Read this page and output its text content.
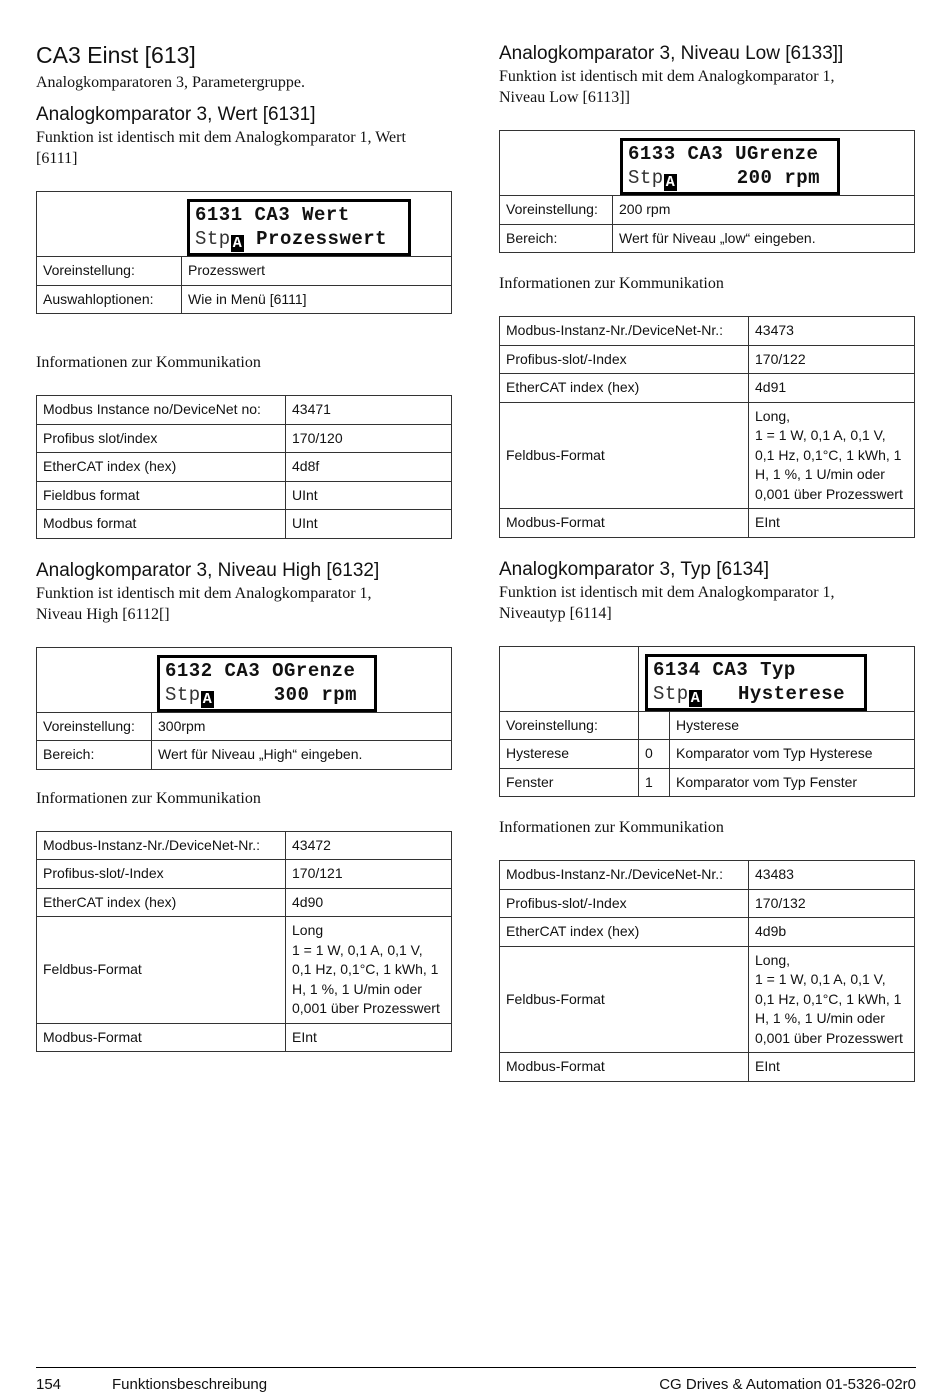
CA3 Einst [613]

Analogkomparatoren 3, Parametergruppe.

Analogkomparator 3, Wert [6131]

Funktion ist identisch mit dem Analogkomparator 1, Wert [6111]

6131 CA3 Wert
Stp A Prozesswert	

Voreinstellung:	Prozesswert
Auswahloptionen:	Wie in Menü [6111]

Informationen zur Kommunikation

Modbus Instance no/DeviceNet no:	43471
Profibus slot/index	170/120
EtherCAT index (hex)	4d8f
Fieldbus format	UInt
Modbus format	UInt
Analogkomparator 3, Niveau High [6132]

Funktion ist identisch mit dem Analogkomparator 1, Niveau High [6112[]

6132 CA3 OGrenze
Stp A     300 rpm	

Voreinstellung:	300rpm
Bereich:	Wert für Niveau „High“ eingeben.

Informationen zur Kommunikation

Modbus-Instanz-Nr./DeviceNet-Nr.:	43472
Profibus-slot/-Index	170/121
EtherCAT index (hex)	4d90
Feldbus-Format	Long
1 = 1 W, 0,1 A, 0,1 V, 0,1 Hz, 0,1°C, 1 kWh, 1 H, 1 %, 1 U/min oder 0,001 über Prozesswert
Modbus-Format	EInt
Analogkomparator 3, Niveau Low [6133]]

Funktion ist identisch mit dem Analogkomparator 1, Niveau Low [6113]]

6133 CA3 UGrenze
Stp A     200 rpm	

Voreinstellung:	200 rpm
Bereich:	Wert für Niveau „low“ eingeben.

Informationen zur Kommunikation

Modbus-Instanz-Nr./DeviceNet-Nr.:	43473
Profibus-slot/-Index	170/122
EtherCAT index (hex)	4d91
Feldbus-Format	Long,
1 = 1 W, 0,1 A, 0,1 V, 0,1 Hz, 0,1°C, 1 kWh, 1 H, 1 %, 1 U/min oder 0,001 über Prozesswert
Modbus-Format	EInt
Analogkomparator 3, Typ [6134]

Funktion ist identisch mit dem Analogkomparator 1, Niveautyp [6114]

	6134 CA3 Typ
Stp A   Hysterese	

Voreinstellung:		Hysterese
Hysterese	0	Komparator vom Typ Hysterese
Fenster	1	Komparator vom Typ Fenster

Informationen zur Kommunikation

Modbus-Instanz-Nr./DeviceNet-Nr.:	43483
Profibus-slot/-Index	170/132
EtherCAT index (hex)	4d9b
Feldbus-Format	Long,
1 = 1 W, 0,1 A, 0,1 V, 0,1 Hz, 0,1°C, 1 kWh, 1 H, 1 %, 1 U/min oder 0,001 über Prozesswert
Modbus-Format	EInt
154	Funktionsbeschreibung	CG Drives & Automation 01-5326-02r0
